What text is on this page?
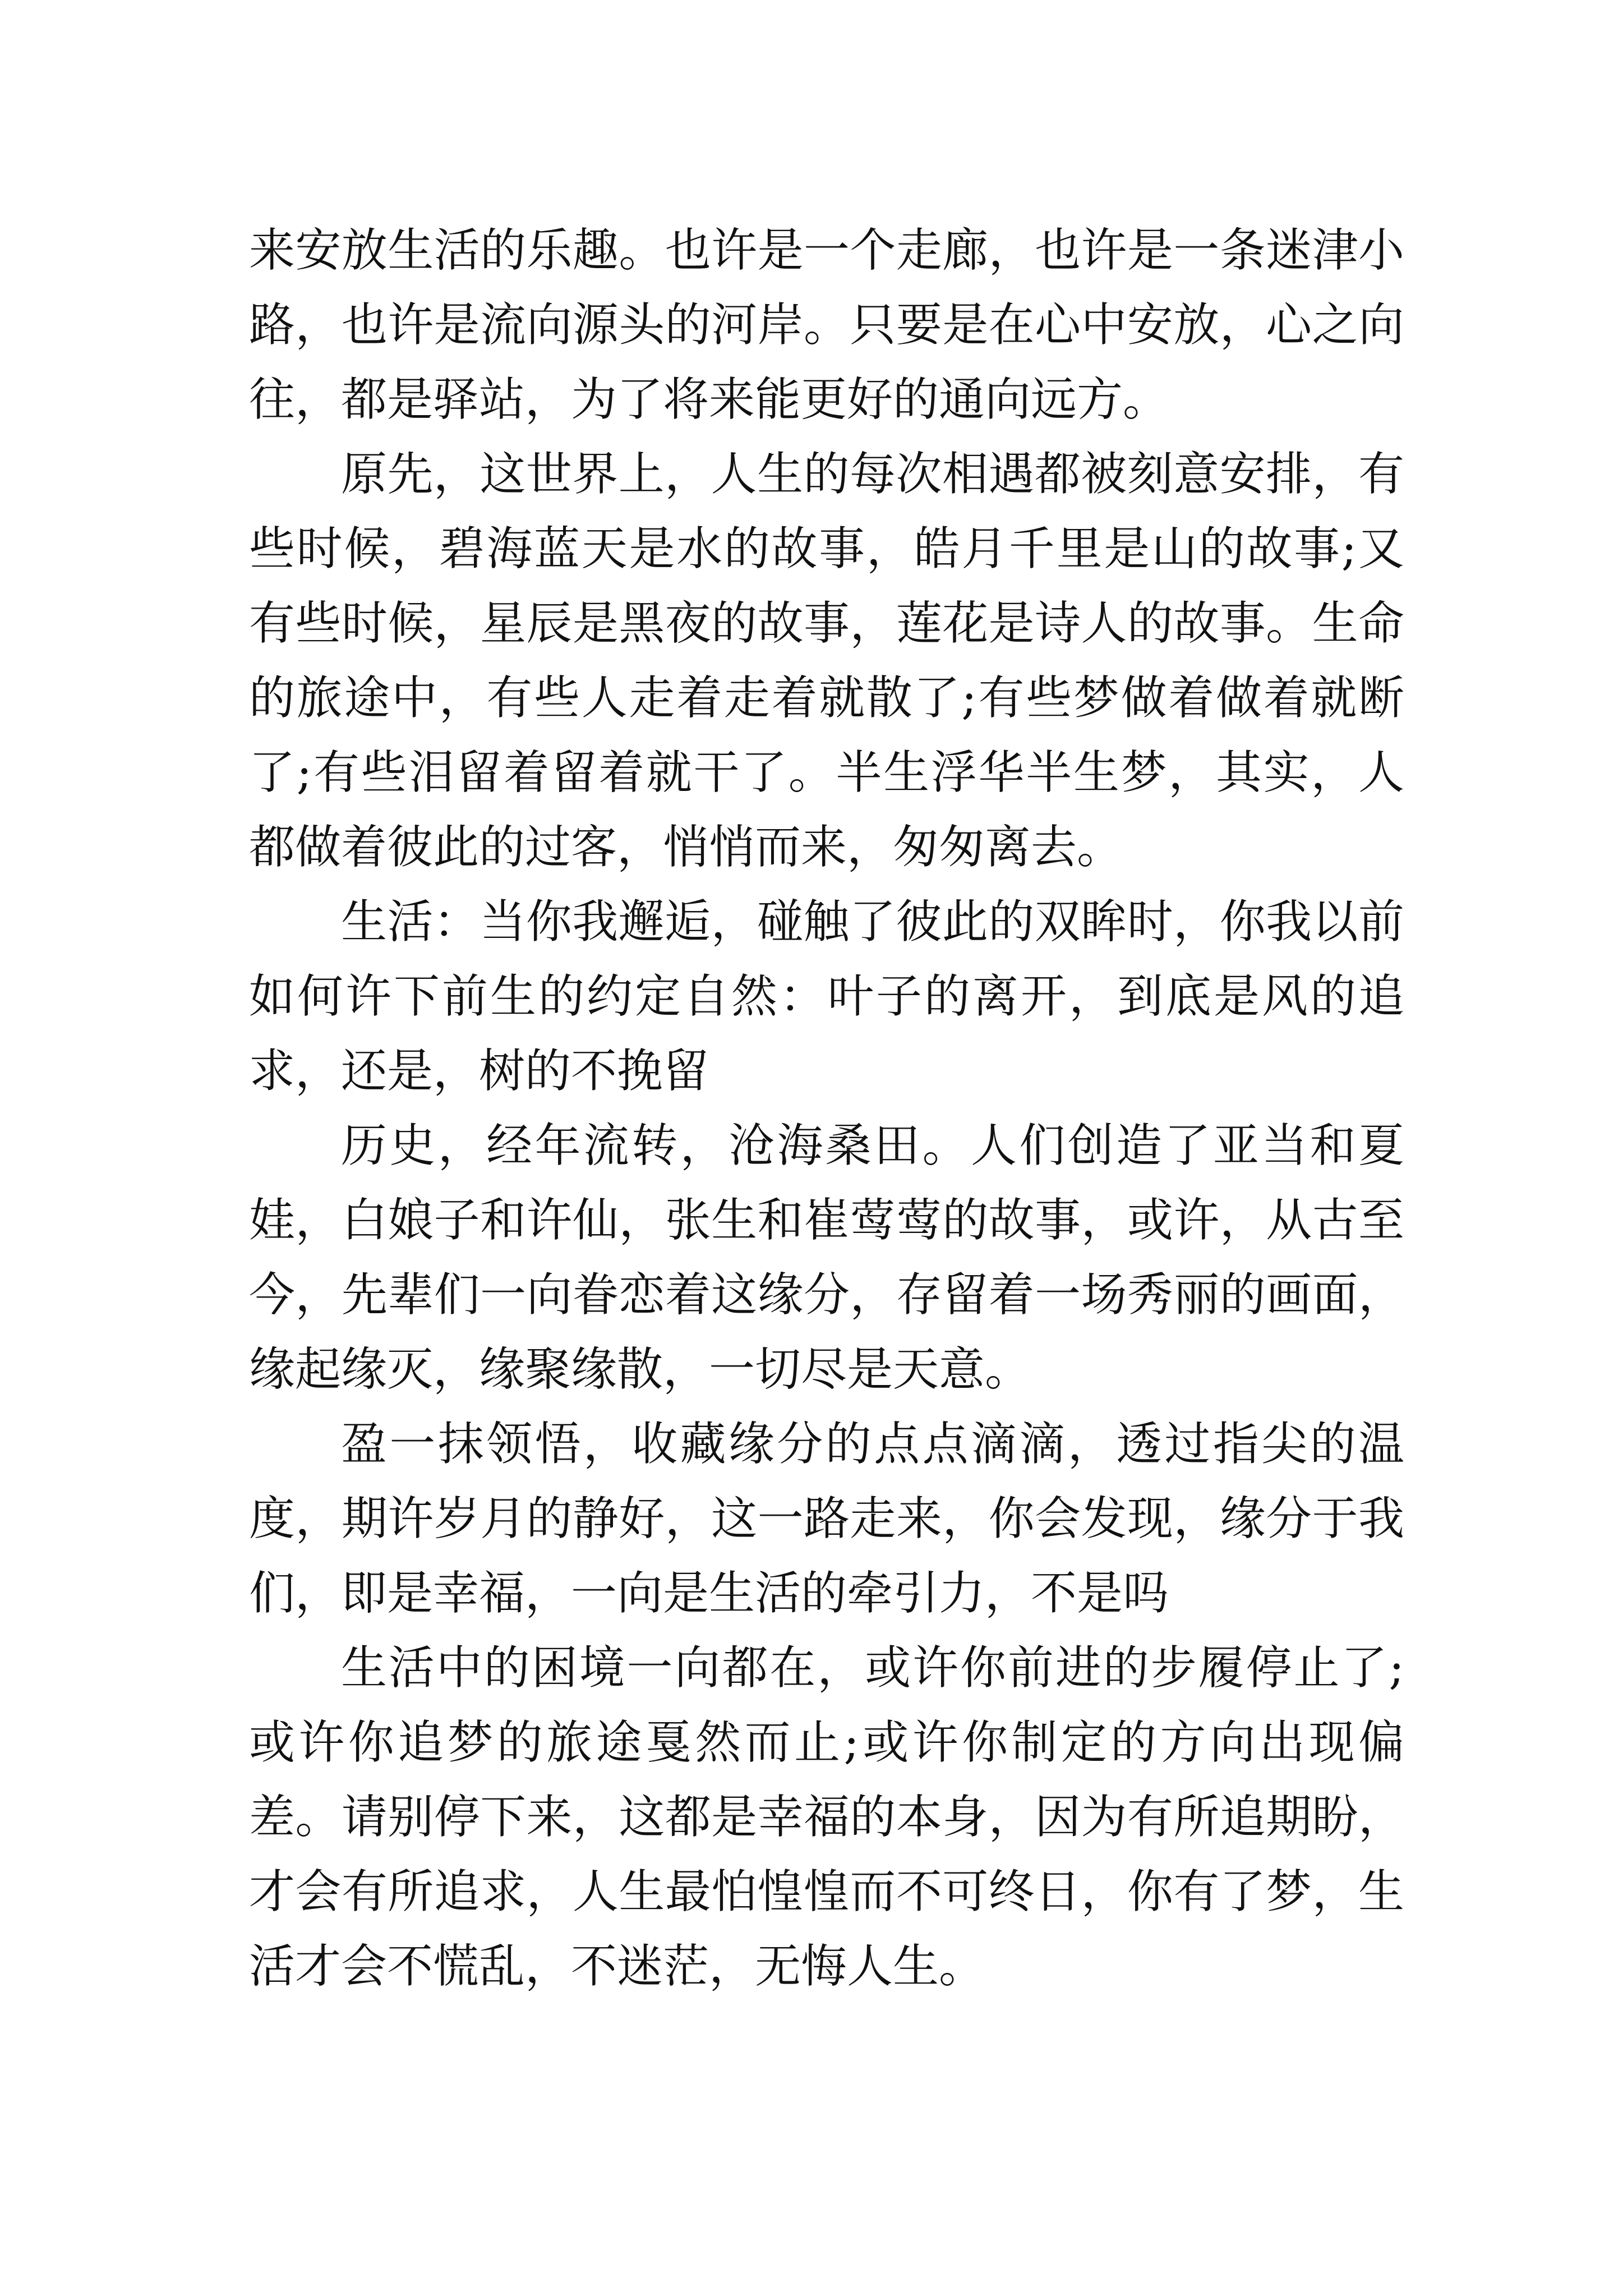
来安放生活的乐趣。也许是一个走廊，也许是一条迷津小路，也许是流向源头的河岸。只要是在心中安放，心之向往，都是驿站，为了将来能更好的通向远方。

原先，这世界上，人生的每次相遇都被刻意安排，有些时候，碧海蓝天是水的故事，皓月千里是山的故事;又有些时候，星辰是黑夜的故事，莲花是诗人的故事。生命的旅途中，有些人走着走着就散了;有些梦做着做着就断了;有些泪留着留着就干了。半生浮华半生梦，其实，人都做着彼此的过客，悄悄而来，匆匆离去。

生活：当你我邂逅，碰触了彼此的双眸时，你我以前如何许下前生的约定自然：叶子的离开，到底是风的追求，还是，树的不挽留

历史，经年流转，沧海桑田。人们创造了亚当和夏娃，白娘子和许仙，张生和崔莺莺的故事，或许，从古至今，先辈们一向眷恋着这缘分，存留着一场秀丽的画面，缘起缘灭，缘聚缘散，一切尽是天意。

盈一抹领悟，收藏缘分的点点滴滴，透过指尖的温度，期许岁月的静好，这一路走来，你会发现，缘分于我们，即是幸福，一向是生活的牵引力，不是吗

生活中的困境一向都在，或许你前进的步履停止了;或许你追梦的旅途戛然而止;或许你制定的方向出现偏差。请别停下来，这都是幸福的本身，因为有所追期盼，才会有所追求，人生最怕惶惶而不可终日，你有了梦，生活才会不慌乱，不迷茫，无悔人生。
